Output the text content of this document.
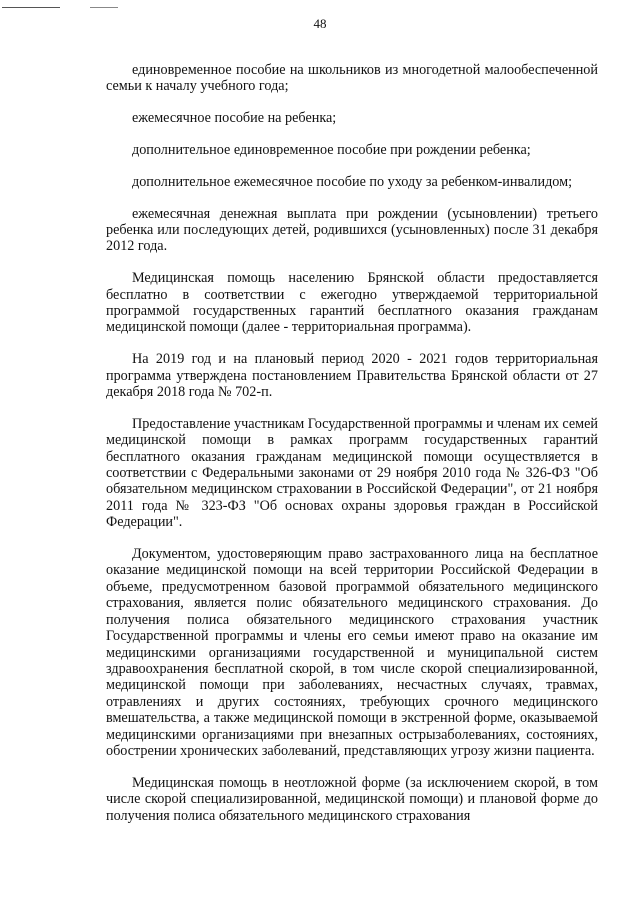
48

единовременное пособие на школьников из многодетной малообеспеченной семьи к началу учебного года;

ежемесячное пособие на ребенка;

дополнительное единовременное пособие при рождении ребенка;

дополнительное ежемесячное пособие по уходу за ребенком-инвалидом;

ежемесячная денежная выплата при рождении (усыновлении) третьего ребенка или последующих детей, родившихся (усыновленных) после 31 декабря 2012 года.

Медицинская помощь населению Брянской области предоставляется бесплатно в соответствии с ежегодно утверждаемой территориальной программой государственных гарантий бесплатного оказания гражданам медицинской помощи (далее - территориальная программа).

На 2019 год и на плановый период 2020 - 2021 годов территориальная программа утверждена постановлением Правительства Брянской области от 27 декабря 2018 года № 702-п.

Предоставление участникам Государственной программы и членам их семей медицинской помощи в рамках программ государственных гарантий бесплатного оказания гражданам медицинской помощи осуществляется в соответствии с Федеральными законами от 29 ноября 2010 года № 326-ФЗ "Об обязательном медицинском страховании в Российской Федерации", от 21 ноября 2011 года № 323-ФЗ "Об основах охраны здоровья граждан в Российской Федерации".

Документом, удостоверяющим право застрахованного лица на бесплатное оказание медицинской помощи на всей территории Российской Федерации в объеме, предусмотренном базовой программой обязательного медицинского страхования, является полис обязательного медицинского страхования. До получения полиса обязательного медицинского страхования участник Государственной программы и члены его семьи имеют право на оказание им медицинскими организациями государственной и муниципальной систем здравоохранения бесплатной скорой, в том числе скорой специализированной, медицинской помощи при заболеваниях, несчастных случаях, травмах, отравлениях и других состояниях, требующих срочного медицинского вмешательства, а также медицинской помощи в экстренной форме, оказываемой медицинскими организациями при внезапных острызаболеваниях, состояниях, обострении хронических заболеваний, представляющих угрозу жизни пациента.

Медицинская помощь в неотложной форме (за исключением скорой, в том числе скорой специализированной, медицинской помощи) и плановой форме до получения полиса обязательного медицинского страхования
